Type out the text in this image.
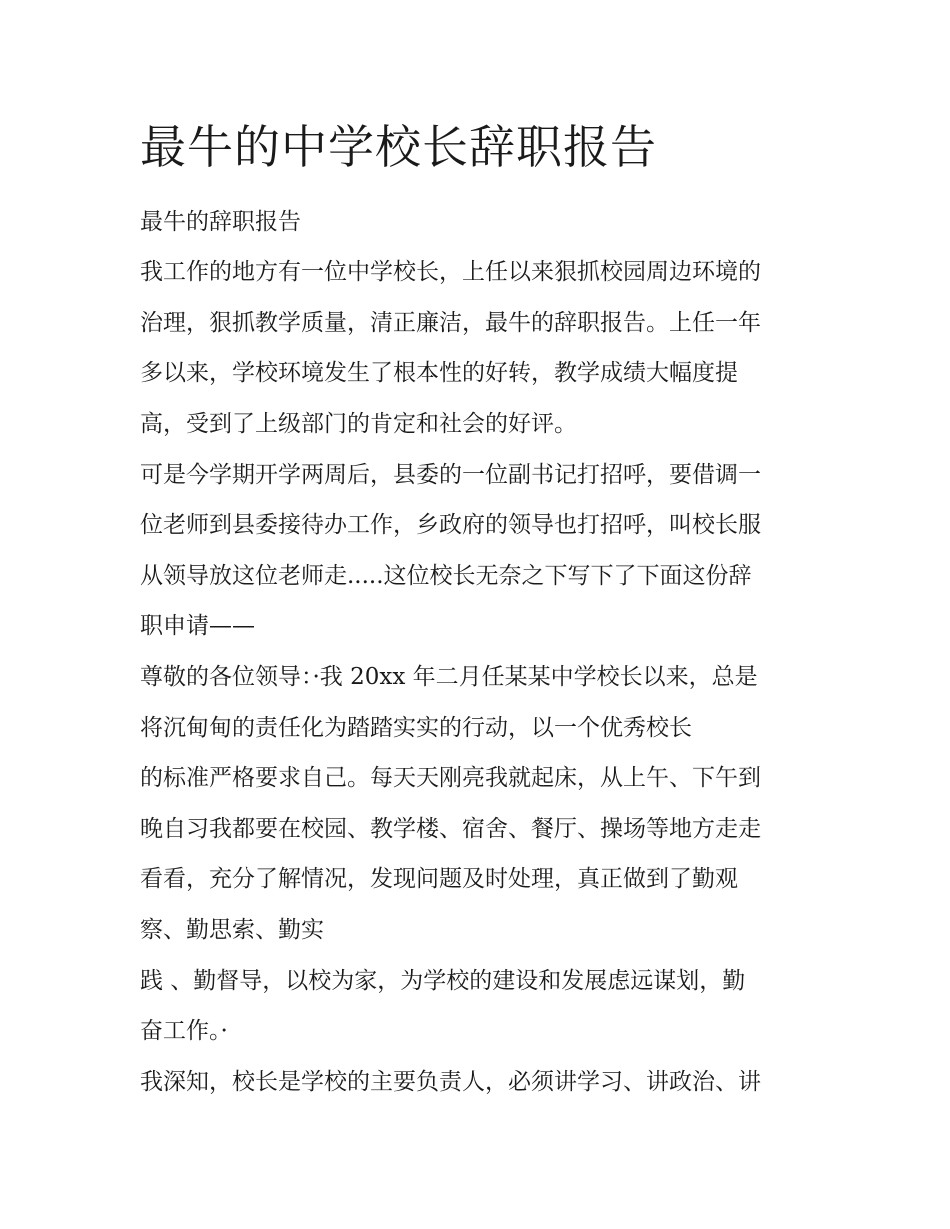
最牛的中学校长辞职报告

最牛的辞职报告

我工作的地方有一位中学校长，上任以来狠抓校园周边环境的

治理，狠抓教学质量，清正廉洁，最牛的辞职报告。上任一年

多以来，学校环境发生了根本性的好转，教学成绩大幅度提

高，受到了上级部门的肯定和社会的好评。

可是今学期开学两周后，县委的一位副书记打招呼，要借调一

位老师到县委接待办工作，乡政府的领导也打招呼，叫校长服

从领导放这位老师走.....这位校长无奈之下写下了下面这份辞

职申请——

尊敬的各位领导：·我 20xx 年二月任某某中学校长以来，总是

将沉甸甸的责任化为踏踏实实的行动，以一个优秀校长

的标准严格要求自己。每天天刚亮我就起床，从上午、下午到

晚自习我都要在校园、教学楼、宿舍、餐厅、操场等地方走走

看看，充分了解情况，发现问题及时处理，真正做到了勤观

察、勤思索、勤实

践 、勤督导，以校为家，为学校的建设和发展虑远谋划，勤

奋工作。·

我深知，校长是学校的主要负责人，必须讲学习、讲政治、讲
